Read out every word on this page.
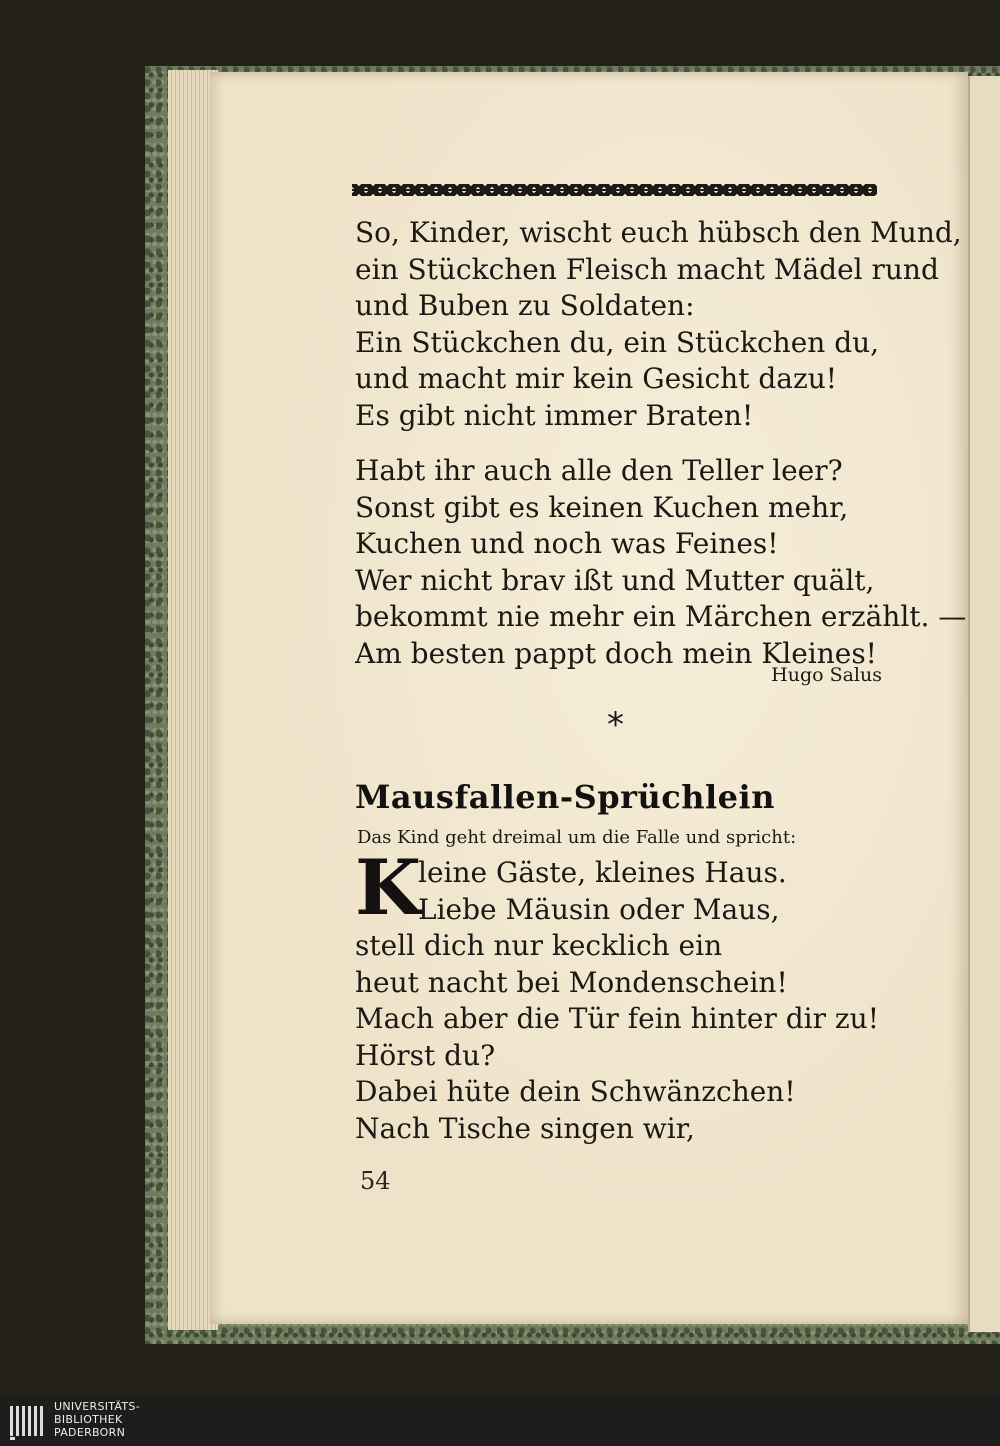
So, Kinder, wischt euch hübsch den Mund,
ein Stückchen Fleisch macht Mädel rund
und Buben zu Soldaten:
Ein Stückchen du, ein Stückchen du,
und macht mir kein Gesicht dazu!
Es gibt nicht immer Braten!
Habt ihr auch alle den Teller leer?
Sonst gibt es keinen Kuchen mehr,
Kuchen und noch was Feines!
Wer nicht brav ißt und Mutter quält,
bekommt nie mehr ein Märchen erzählt. —
Am besten pappt doch mein Kleines!
Hugo Salus
*
Mausfallen-Sprüchlein
Das Kind geht dreimal um die Falle und spricht:
K
leine Gäste, kleines Haus.
Liebe Mäusin oder Maus,
stell dich nur kecklich ein
heut nacht bei Mondenschein!
Mach aber die Tür fein hinter dir zu!
Hörst du?
Dabei hüte dein Schwänzchen!
Nach Tische singen wir,
54
UNIVERSITÄTS-
BIBLIOTHEK
PADERBORN
